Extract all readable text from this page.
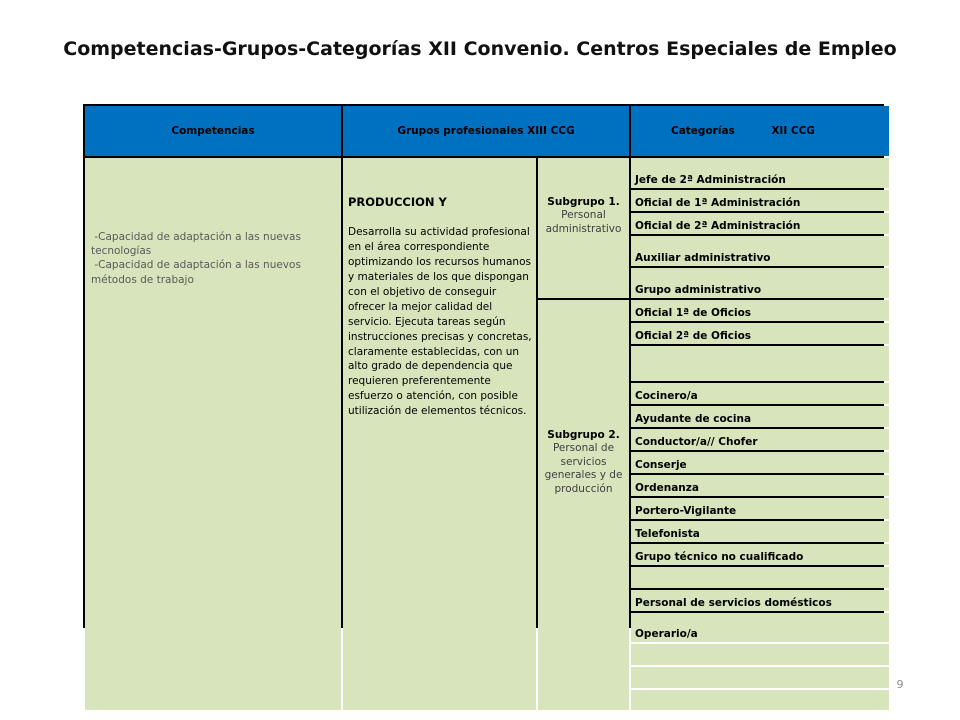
Competencias-Grupos-Categorías XII Convenio. Centros Especiales de Empleo
Competencias	Grupos profesionales XIII CCG	Categorías          XII CCG
-Capacidad de adaptación a las nuevas tecnologías
-Capacidad de adaptación a las nuevos métodos de trabajo
PRODUCCION Y
Desarrolla su actividad profesional en el área correspondiente optimizando los recursos humanos y materiales de los que dispongan con el objetivo de conseguir ofrecer la mejor calidad del servicio. Ejecuta tareas según instrucciones precisas y concretas, claramente establecidas, con un alto grado de dependencia que requieren preferentemente esfuerzo o atención, con posible utilización de elementos técnicos.
Subgrupo 1. Personal administrativo
Subgrupo 2. Personal de servicios generales y de producción
Jefe de 2ª Administración
Oficial de 1ª Administración
Oficial de 2ª Administración
Auxiliar administrativo
Grupo administrativo
Oficial 1ª de Oficios
Oficial 2ª de Oficios
Cocinero/a
Ayudante de cocina
Conductor/a// Chofer
Conserje
Ordenanza
Portero-Vigilante
Telefonista
Grupo técnico no cualificado
Personal de servicios domésticos
Operario/a
9
